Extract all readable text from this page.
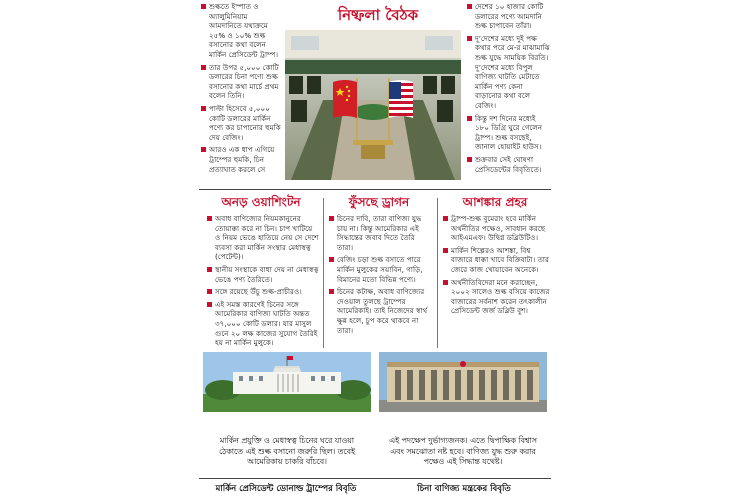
শুল্কতে ইস্পাত ও অ্যালুমিনিয়াম আমদানিতে যথাক্রমে ২৫% ও ১০% শুল্ক বসানোর কথা বলেন মার্কিন প্রেসিডেন্ট ট্রাম্প।

তার উপর ৫,০০০ কোটি ডলারের চিনা পণ্যে শুল্ক বসানোর কথা মার্চে প্রথম বলেন তিনি।

পাল্টা হিসেবে ৫,০০০ কোটি ডলারের মার্কিন পণ্যে কর চাপানোর হুমকি দেয় বেজিং।

আরও এক ধাপ এগিয়ে ট্রাম্পের হুমকি, চিন প্রত্যাঘাত করলে সে

নিষ্ফলা বৈঠক	দেশের ১০ হাজার কোটি ডলারের পণ্যে আমদানি শুল্ক চাপাবেন তাঁরা।

দু’দেশের মধ্যে দুই পক্ষ কথার পরে মে-র মাঝামাঝি শুল্ক যুদ্ধে সাময়িক বিরতি। দু’দেশের মধ্যে বিপুল বাণিজ্য ঘাটতি মেটাতে মার্কিন পণ্য কেনা বাড়ানোর কথা বলে বেজিং।

কিন্তু দশ দিনের মধ্যেই ১৮০ ডিগ্রি ঘুরে গেলেন ট্রাম্প। শুল্ক বসছেই, জানাল হোয়াইট হাউস।

শুক্রবার সেই ঘোষণা প্রেসিডেন্টের বিবৃতিতে।

অনড় ওয়াশিংটন	ফুঁসছে ড্রাগন	আশঙ্কার প্রহর

অবাধ বাণিজ্যের নিয়মকানুনের তোয়াক্কা করে না চিন। চাপ খাটিয়ে ও নিয়ম ভেঙে হাতিয়ে নেয় সে দেশে ব্যবসা করা মার্কিন সংস্থার মেধাস্বত্ব (পেটেন্ট)।

স্থানীয় সংস্থাকে বাধা দেয় না মেধাস্বত্ব ভেঙে পণ্য তৈরিতে।

সঙ্গে রয়েছে উঁচু শুল্ক-প্রাচীরও।

এই সমস্ত কারণেই চিনের সঙ্গে আমেরিকার বাণিজ্য ঘাটতি অন্তত ৩৭,০০০ কোটি ডলার। যার মাসুল গুনে ২০ লক্ষ কাজের সুযোগ তৈরিই হয় না মার্কিন মুলুকে।

চিনের দাবি, তারা বাণিজ্য যুদ্ধ চায় না। কিন্তু আমেরিকার এই সিদ্ধান্তের জবাব দিতে তৈরি তারা।

বেজিং চড়া শুল্ক বসাতে পারে মার্কিন মুলুকের সয়াবিন, গাড়ি, বিমানের মতো বিভিন্ন পণ্যে।

চিনের কটাক্ষ, অবাধ বাণিজ্যের দেওয়াল তুলছে ট্রাম্পের আমেরিকাই। তাই নিজেদের স্বার্থ ক্ষুন্ন হলে, চুপ করে থাকবে না তারা।

ট্রাম্প-শুল্ক বুমেরাং হবে মার্কিন অর্থনীতির পক্ষেও, সাবধান করছে আইএমএফ। উদ্বিগ্ন ডব্লিউটিও।

মার্কিন শিল্পেরও আশঙ্কা, বিশ্ব বাজারে ধাক্কা খাবে বিক্রিবাটা। তার জেরে কাজ খোয়াবেন অনেকে।

অর্থনীতিবিদেরা মনে করাচ্ছেন, ২০০২ সালেও শুল্ক বসিয়ে কাজের বাজারের সর্বনাশ করেন তৎকালীন প্রেসিডেন্ট জর্জ ডব্লিউ বুশ।

মার্কিন প্রযুক্তি ও মেধাস্বত্ব চিনের ঘরে যাওয়া ঠেকাতে এই শুল্ক বসানো জরুরি ছিল। তবেই আমেরিকায় চাকরি বাঁচবে।
এই পদক্ষেপ দুর্ভাগ্যজনক। এতে দ্বিপাক্ষিক বিশ্বাস এবং সমঝোতা নষ্ট হবে। বাণিজ্য যুদ্ধ শুরু করার পক্ষেও এই সিদ্ধান্ত যথেষ্ট।
মার্কিন প্রেসিডেন্ট ডোনাল্ড ট্রাম্পের বিবৃতি	চিনা বাণিজ্য মন্ত্রকের বিবৃতি
